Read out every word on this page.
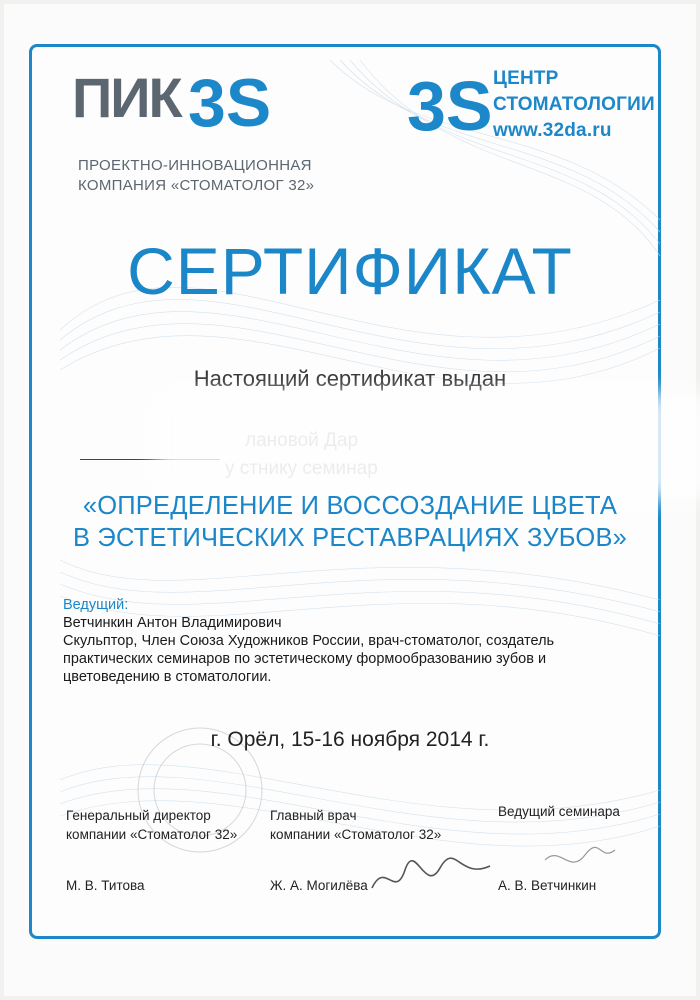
ПИК 3S
ПРОЕКТНО-ИННОВАЦИОННАЯ
КОМПАНИЯ «СТОМАТОЛОГ 32»
3S ЦЕНТР
СТОМАТОЛОГИИ
www.32da.ru
СЕРТИФИКАТ
Настоящий сертификат выдан
«ОПРЕДЕЛЕНИЕ И ВОССОЗДАНИЕ ЦВЕТА
В ЭСТЕТИЧЕСКИХ РЕСТАВРАЦИЯХ ЗУБОВ»
Ведущий:
Ветчинкин Антон Владимирович
Скульптор, Член Союза Художников России, врач-стоматолог, создатель
практических семинаров по эстетическому формообразованию зубов и
цветоведению в стоматологии.
г. Орёл, 15-16 ноября 2014 г.
Генеральный директор
компании «Стоматолог 32»
М. В. Титова
Главный врач
компании «Стоматолог 32»
Ж. А. Могилёва
Ведущий семинара
А. В. Ветчинкин
